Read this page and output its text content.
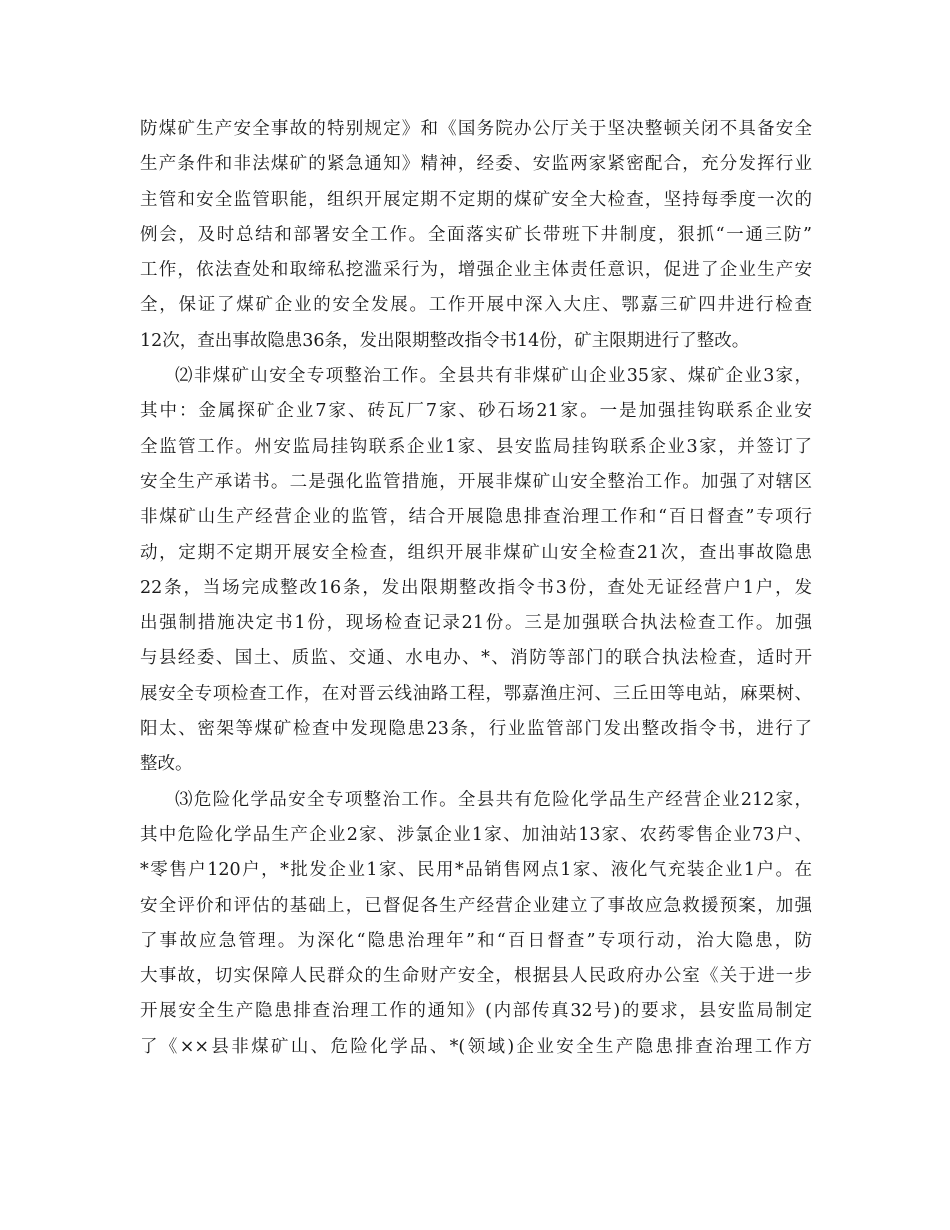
防煤矿生产安全事故的特别规定》和《国务院办公厅关于坚决整顿关闭不具备安全
生产条件和非法煤矿的紧急通知》精神，经委、安监两家紧密配合，充分发挥行业
主管和安全监管职能，组织开展定期不定期的煤矿安全大检查，坚持每季度一次的
例会，及时总结和部署安全工作。全面落实矿长带班下井制度，狠抓“一通三防”
工作，依法查处和取缔私挖滥采行为，增强企业主体责任意识，促进了企业生产安
全，保证了煤矿企业的安全发展。工作开展中深入大庄、鄂嘉三矿四井进行检查
12次，查出事故隐患36条，发出限期整改指令书14份，矿主限期进行了整改。
⑵非煤矿山安全专项整治工作。全县共有非煤矿山企业35家、煤矿企业3家，
其中：金属探矿企业7家、砖瓦厂7家、砂石场21家。一是加强挂钩联系企业安
全监管工作。州安监局挂钩联系企业1家、县安监局挂钩联系企业3家，并签订了
安全生产承诺书。二是强化监管措施，开展非煤矿山安全整治工作。加强了对辖区
非煤矿山生产经营企业的监管，结合开展隐患排查治理工作和“百日督查”专项行
动，定期不定期开展安全检查，组织开展非煤矿山安全检查21次，查出事故隐患
22条，当场完成整改16条，发出限期整改指令书3份，查处无证经营户1户，发
出强制措施决定书1份，现场检查记录21份。三是加强联合执法检查工作。加强
与县经委、国土、质监、交通、水电办、*、消防等部门的联合执法检查，适时开
展安全专项检查工作，在对晋云线油路工程，鄂嘉渔庄河、三丘田等电站，麻栗树、
阳太、密架等煤矿检查中发现隐患23条，行业监管部门发出整改指令书，进行了
整改。
⑶危险化学品安全专项整治工作。全县共有危险化学品生产经营企业212家，
其中危险化学品生产企业2家、涉氯企业1家、加油站13家、农药零售企业73户、
*零售户120户，*批发企业1家、民用*品销售网点1家、液化气充装企业1户。在
安全评价和评估的基础上，已督促各生产经营企业建立了事故应急救援预案，加强
了事故应急管理。为深化“隐患治理年”和“百日督查”专项行动，治大隐患，防
大事故，切实保障人民群众的生命财产安全，根据县人民政府办公室《关于进一步
开展安全生产隐患排查治理工作的通知》(内部传真32号)的要求，县安监局制定
了《××县非煤矿山、危险化学品、*(领域)企业安全生产隐患排查治理工作方
